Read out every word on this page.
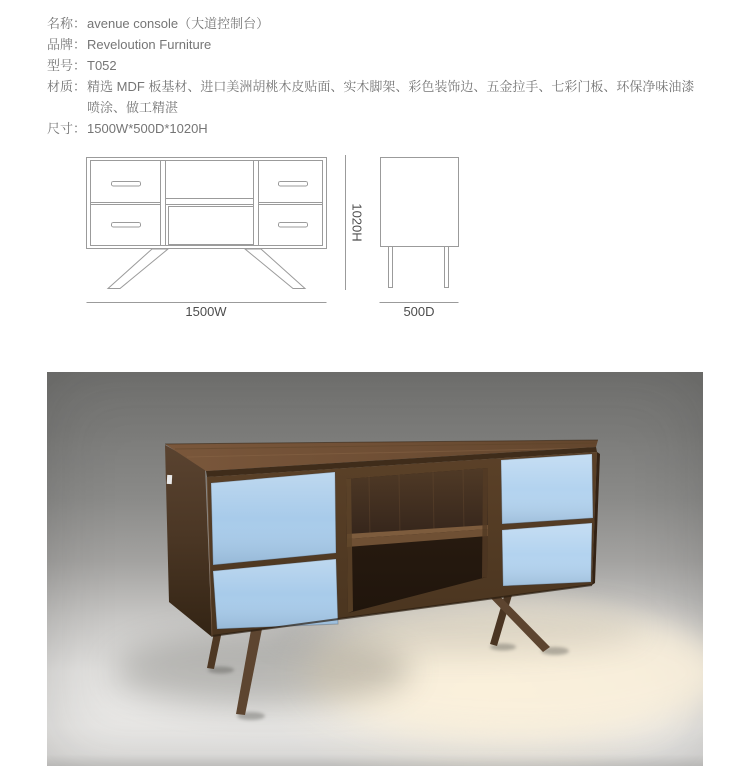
名称： avenue console（大道控制台）
品牌： Reveloution Furniture
型号： T052
材质： 精选 MDF 板基材、进口美洲胡桃木皮贴面、实木脚架、彩色装饰边、五金拉手、七彩门板、环保净味油漆喷涂、做工精湛
尺寸： 1500W*500D*1020H
1500W	500D
1020H
